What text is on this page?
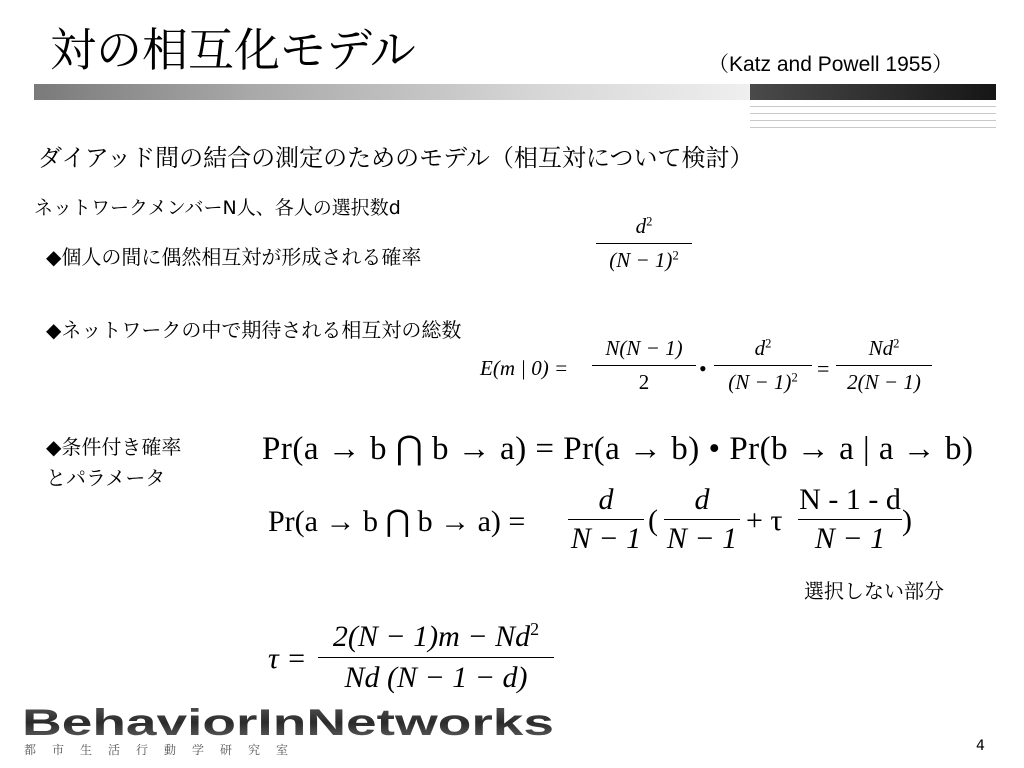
対の相互化モデル	（Katz and Powell 1955）
ダイアッド間の結合の測定のためのモデル（相互対について検討）
ネットワークメンバーN人、各人の選択数d
◆個人の間に偶然相互対が形成される確率
◆ネットワークの中で期待される相互対の総数
◆条件付き確率
とパラメータ
$d^2$
$(N - 1)^2$
E(m | 0) =
N(N − 1)
2
•
$d^2$
$(N - 1)^2$ =
$Nd^2$
2(N − 1)
Pr(a → b ⋂ b → a) = Pr(a → b) • Pr(b → a | a → b)
Pr(a → b ⋂ b → a) =
d
N − 1
(
d
N − 1
+ τ
N - 1 - d
N − 1
)
選択しない部分
τ =
$2(N - 1)m - Nd^2$
Nd (N − 1 − d)
BehaviorInNetworks
都市生活行動学研究室	4
